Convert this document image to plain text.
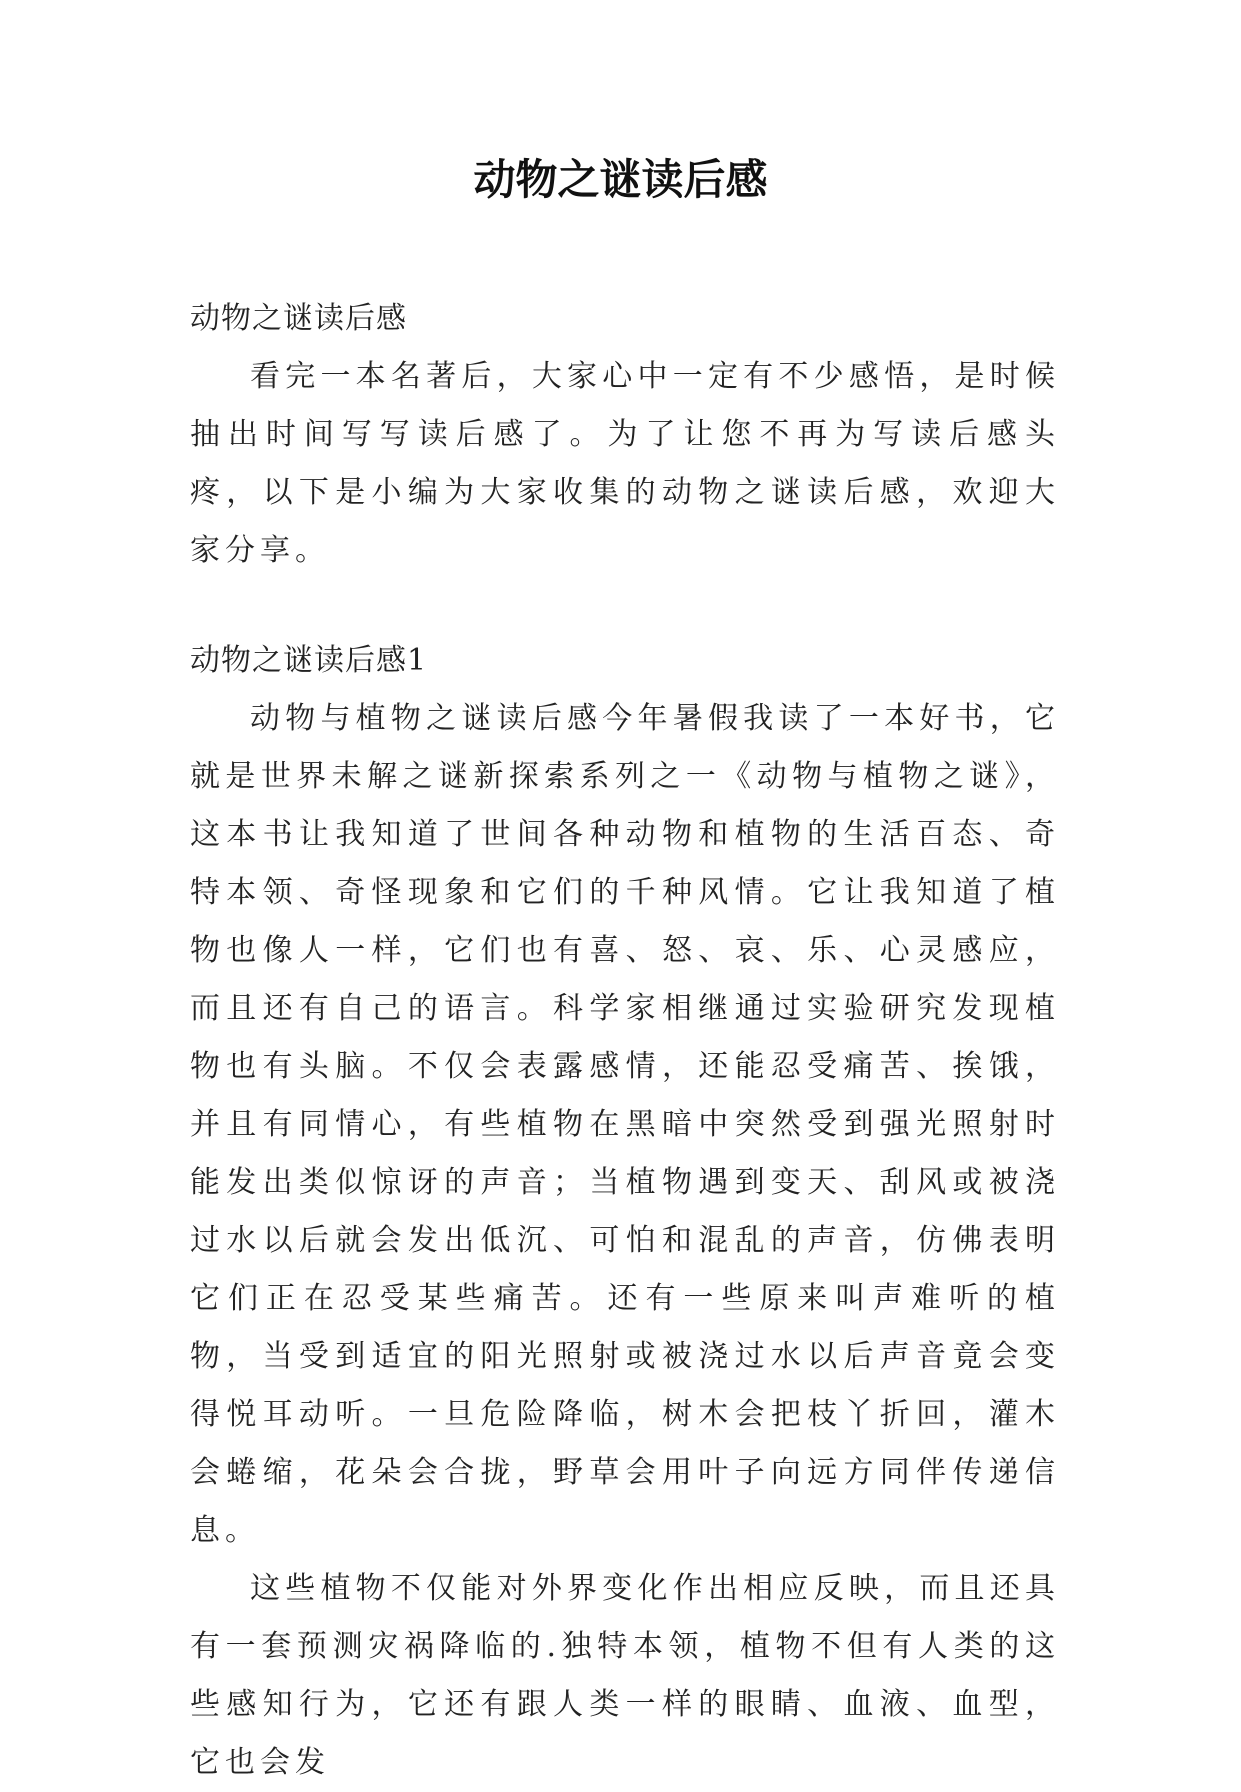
动物之谜读后感

动物之谜读后感

看完一本名著后，大家心中一定有不少感悟，是时候抽出时间写写读后感了。为了让您不再为写读后感头疼，以下是小编为大家收集的动物之谜读后感，欢迎大家分享。

动物之谜读后感1

动物与植物之谜读后感今年暑假我读了一本好书，它就是世界未解之谜新探索系列之一《动物与植物之谜》，这本书让我知道了世间各种动物和植物的生活百态、奇特本领、奇怪现象和它们的千种风情。它让我知道了植物也像人一样，它们也有喜、怒、哀、乐、心灵感应，而且还有自己的语言。科学家相继通过实验研究发现植物也有头脑。不仅会表露感情，还能忍受痛苦、挨饿，并且有同情心，有些植物在黑暗中突然受到强光照射时能发出类似惊讶的声音；当植物遇到变天、刮风或被浇过水以后就会发出低沉、可怕和混乱的声音，仿佛表明它们正在忍受某些痛苦。还有一些原来叫声难听的植物，当受到适宜的阳光照射或被浇过水以后声音竟会变得悦耳动听。一旦危险降临，树木会把枝丫折回，灌木会蜷缩，花朵会合拢，野草会用叶子向远方同伴传递信息。

这些植物不仅能对外界变化作出相应反映，而且还具有一套预测灾祸降临的.独特本领，植物不但有人类的这些感知行为，它还有跟人类一样的眼睛、血液、血型，它也会发
